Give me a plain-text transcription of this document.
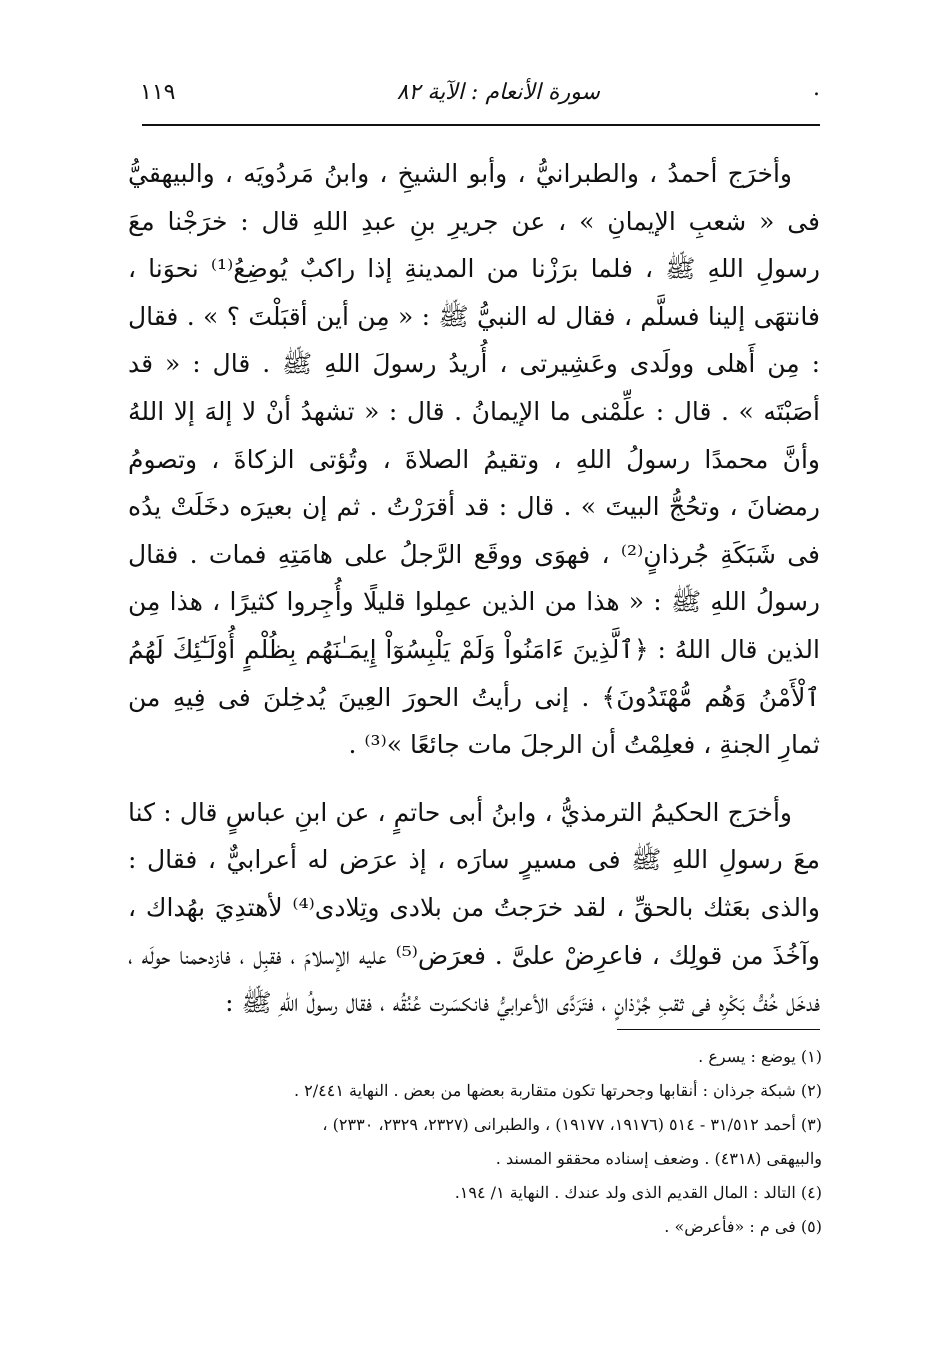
.
سورة الأنعام : الآية ٨٢
١١٩

وأخرَج أحمدُ ، والطبرانيُّ ، وأبو الشيخِ ، وابنُ مَردُويَه ، والبيهقيُّ فى « شعبِ الإيمانِ » ، عن جريرِ بنِ عبدِ اللهِ قال : خرَجْنا معَ رسولِ اللهِ ﷺ ، فلما برَزْنا من المدينةِ إذا راكبٌ يُوضِعُ⁽¹⁾ نحوَنا ، فانتهَى إلينا فسلَّم ، فقال له النبيُّ ﷺ : « مِن أين أقبَلْتَ ؟ » . فقال : مِن أَهلى وولَدى وعَشِيرتى ، أُريدُ رسولَ اللهِ ﷺ . قال : « قد أصَبْتَه » . قال : علِّمْنى ما الإيمانُ . قال : « تشهدُ أنْ لا إلهَ إلا اللهُ وأنَّ محمدًا رسولُ اللهِ ، وتقيمُ الصلاةَ ، وتُؤتى الزكاةَ ، وتصومُ رمضانَ ، وتحُجُّ البيتَ » . قال : قد أقرَرْتُ . ثم إن بعيرَه دخَلَتْ يدُه فى شَبَكَةِ جُرذانٍ⁽²⁾ ، فهوَى ووقَع الرَّجلُ على هامَتِهِ فمات . فقال رسولُ اللهِ ﷺ : « هذا من الذين عمِلوا قليلًا وأُجِروا كثيرًا ، هذا مِن الذين قال اللهُ : ﴿ٱلَّذِينَ ءَامَنُواْ وَلَمْ يَلْبِسُوٓاْ إِيمَـٰنَهُم بِظُلْمٍ أُوْلَـٰٓئِكَ لَهُمُ ٱلْأَمْنُ وَهُم مُّهْتَدُونَ﴾ . إنى رأيتُ الحورَ العِينَ يُدخِلنَ فى فِيهِ من ثمارِ الجنةِ ، فعلِمْتُ أن الرجلَ مات جائعًا »⁽³⁾ .

وأخرَج الحكيمُ الترمذيُّ ، وابنُ أبى حاتمٍ ، عن ابنِ عباسٍ قال : كنا معَ رسولِ اللهِ ﷺ فى مسيرٍ سارَه ، إذ عرَض له أعرابيٌّ ، فقال : والذى بعَثك بالحقِّ ، لقد خرَجتُ من بلادى وتِلادى⁽⁴⁾ لأهتدِيَ بهُداك ، وآخُذَ من قولِك ، فاعرِضْ علىَّ . فعرَض⁽⁵⁾ عليه الإسلامَ ، فقبِل ، فازدحمنا حولَه ، فدخَل خُفُّ بَكْرِه فى ثقبِ جُرْذانٍ ، فتَرَدَّى الأعرابيُّ فانكسَرت عُنُقُه ، فقال رسولُ اللهِ ﷺ :

(١) يوضع : يسرع .

(٢) شبكة جرذان : أنقابها وجحرتها تكون متقاربة بعضها من بعض . النهاية ٢/٤٤١ .

(٣) أحمد ٣١/٥١٢ - ٥١٤ (١٩١٧٦، ١٩١٧٧) ، والطبرانى (٢٣٢٧، ٢٣٢٩، ٢٣٣٠) ،

والبيهقى (٤٣١٨) . وضعف إسناده محققو المسند .

(٤) التالد : المال القديم الذى ولد عندك . النهاية ١/ ١٩٤.

(٥) فى م : «فأعرض» .
